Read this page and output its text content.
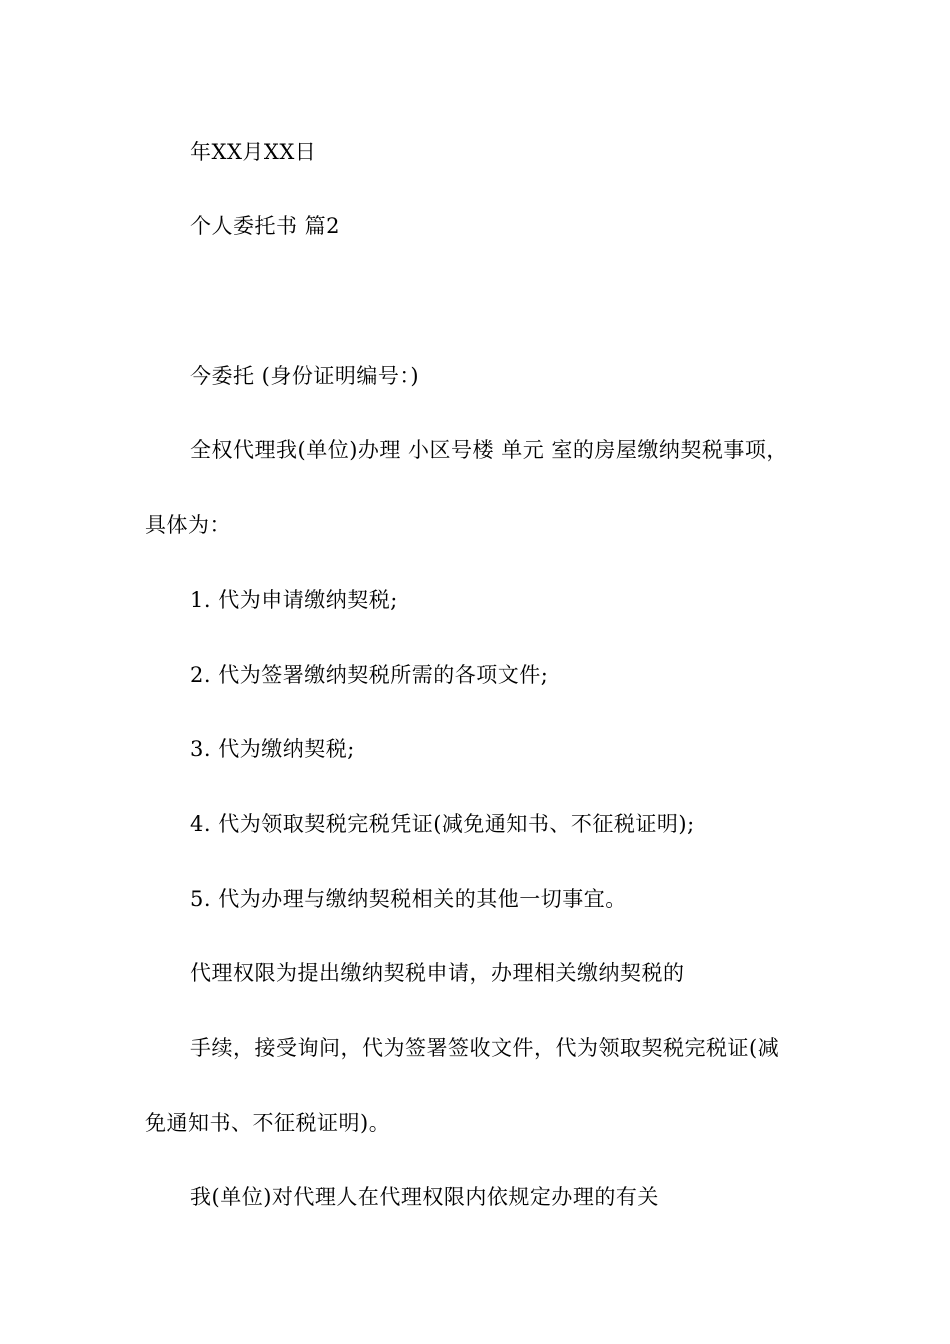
年XX月XX日
个人委托书 篇2
今委托 (身份证明编号：)
全权代理我(单位)办理 小区号楼 单元 室的房屋缴纳契税事项，
具体为：
1. 代为申请缴纳契税;
2. 代为签署缴纳契税所需的各项文件;
3. 代为缴纳契税;
4. 代为领取契税完税凭证(减免通知书、不征税证明);
5. 代为办理与缴纳契税相关的其他一切事宜。
代理权限为提出缴纳契税申请，办理相关缴纳契税的
手续，接受询问，代为签署签收文件，代为领取契税完税证(减
免通知书、不征税证明)。
我(单位)对代理人在代理权限内依规定办理的有关
